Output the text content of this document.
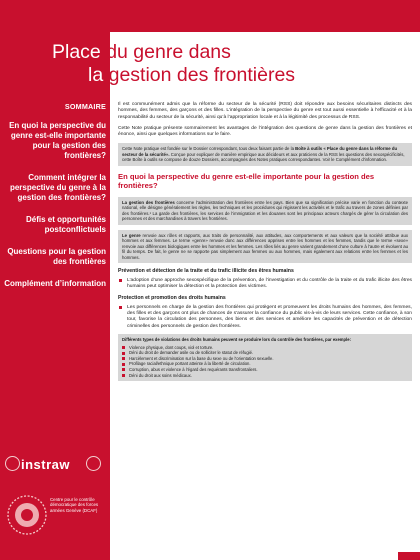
Place du genre dans
la gestion des frontières
SOMMAIRE
En quoi la perspective du genre est-elle importante pour la gestion des frontières?
Comment intégrer la perspective du genre à la gestion des frontières?
Défis et opportunités postconflictuels
Questions pour la gestion des frontières
Complément d’information
instraw
Centre pour le contrôle démocratique des forces armées Genève (DCAF)

Il est communément admis que la réforme du secteur de la sécurité (RSS) doit répondre aux besoins sécuritaires distincts des hommes, des femmes, des garçons et des filles. L’intégration de la perspective du genre est tout aussi essentielle à l’efficacité et à la responsabilité du secteur de la sécurité, ainsi qu’à l’appropriation locale et à la légitimité des processus de RSS.

Cette Note pratique présente sommairement les avantages de l’intégration des questions de genre dans la gestion des frontières et énonce, ainsi que quelques informations sur le faire.

Cette Note pratique est fondée sur le Dossier correspondant, tous deux faisant partie de la Boîte à outils « Place du genre dans la réforme du secteur de la sécurité». Conçue pour expliquer de manière empirique aux décideurs et aux praticiens de la RSS les questions des sexospécificités, cette Boîte à outils se compose de douze Dossiers, accompagnés des Notes pratiques correspondantes. Voir le Complément d’information.
En quoi la perspective du genre est-elle importante pour la gestion des frontières?
La gestion des frontières concerne l’administration des frontières entre les pays. Bien que sa signification précise varie en fonction du contexte national, elle désigne généralement les règles, les techniques et les procédures qui régissent les activités et le trafic au travers de zones définies par des frontières.¹ La garde des frontières, les services de l’immigration et les douanes sont les principaux acteurs chargés de gérer la circulation des personnes et des marchandises à travers les frontières.
Le genre renvoie aux rôles et rapports, aux traits de personnalité, aux attitudes, aux comportements et aux valeurs que la société attribue aux hommes et aux femmes. Le terme «genre» renvoie donc aux différences apprises entre les hommes et les femmes, tandis que le terme «sexe» renvoie aux différences biologiques entre les hommes et les femmes. Les rôles liés au genre varient grandement d’une culture à l’autre et évoluent au fil du temps. De fait, le genre ne se rapporte pas simplement aux femmes ou aux hommes, mais également aux relations entre les femmes et les hommes.
Prévention et détection de la traite et du trafic illicite des êtres humains
L’adoption d’une approche sexospécifique de la prévention, de l’investigation et du contrôle de la traite et du trafic illicite des êtres humains peut optimiser la détection et la protection des victimes.
Protection et promotion des droits humains
Les personnels en charge de la gestion des frontières qui protègent et promeuvent les droits humains des hommes, des femmes, des filles et des garçons ont plus de chances de s’assurer la confiance du public vis-à-vis de leurs services. Cette confiance, à son tour, favorise la circulation des personnes, des biens et des services et améliore les capacités de prévention et de détection criminelles des personnels de gestion des frontières.
Différents types de violations des droits humains peuvent se produire lors du contrôle des frontières, par exemple:
Violence physique, dont coups, viol et torture.
Déni du droit de demander asile ou de solliciter le statut de réfugié.
Harcèlement et discrimination sur la base du sexe ou de l’orientation sexuelle.
Profilage racial/ethnique portant atteinte à la liberté de circulation.
Corruption, abus et violence à l’égard des requérants transfrontaliers.
Déni du droit aux soins médicaux.
